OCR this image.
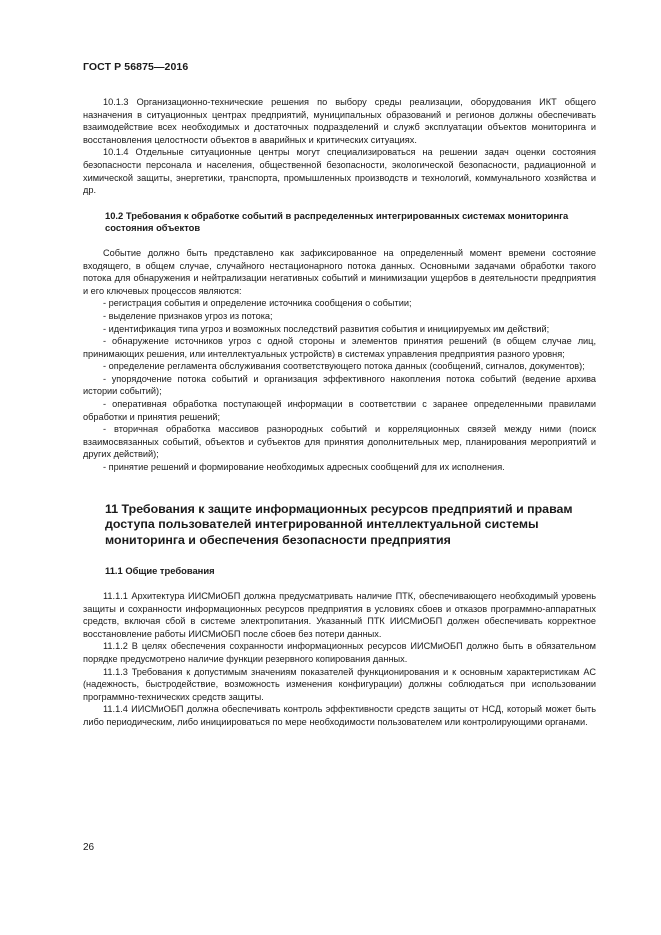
ГОСТ Р 56875—2016

10.1.3 Организационно-технические решения по выбору среды реализации, оборудования ИКТ общего назначения в ситуационных центрах предприятий, муниципальных образований и регионов должны обеспечивать взаимодействие всех необходимых и достаточных подразделений и служб эксплуатации объектов мониторинга и восстановления целостности объектов в аварийных и критических ситуациях.

10.1.4 Отдельные ситуационные центры могут специализироваться на решении задач оценки состояния безопасности персонала и населения, общественной безопасности, экологической безопасности, радиационной и химической защиты, энергетики, транспорта, промышленных производств и технологий, коммунального хозяйства и др.

10.2 Требования к обработке событий в распределенных интегрированных системах мониторинга состояния объектов

Событие должно быть представлено как зафиксированное на определенный момент времени состояние входящего, в общем случае, случайного нестационарного потока данных. Основными задачами обработки такого потока для обнаружения и нейтрализации негативных событий и минимизации ущербов в деятельности предприятия и его ключевых процессов являются:

- регистрация события и определение источника сообщения о событии;

- выделение признаков угроз из потока;

- идентификация типа угроз и возможных последствий развития события и инициируемых им действий;

- обнаружение источников угроз с одной стороны и элементов принятия решений (в общем случае лиц, принимающих решения, или интеллектуальных устройств) в системах управления предприятия разного уровня;

- определение регламента обслуживания соответствующего потока данных (сообщений, сигналов, документов);

- упорядочение потока событий и организация эффективного накопления потока событий (ведение архива истории событий);

- оперативная обработка поступающей информации в соответствии с заранее определенными правилами обработки и принятия решений;

- вторичная обработка массивов разнородных событий и корреляционных связей между ними (поиск взаимосвязанных событий, объектов и субъектов для принятия дополнительных мер, планирования мероприятий и других действий);

- принятие решений и формирование необходимых адресных сообщений для их исполнения.

11 Требования к защите информационных ресурсов предприятий и правам доступа пользователей интегрированной интеллектуальной системы мониторинга и обеспечения безопасности предприятия
11.1 Общие требования

11.1.1 Архитектура ИИСМиОБП должна предусматривать наличие ПТК, обеспечивающего необходимый уровень защиты и сохранности информационных ресурсов предприятия в условиях сбоев и отказов программно-аппаратных средств, включая сбой в системе электропитания. Указанный ПТК ИИСМиОБП должен обеспечивать корректное восстановление работы ИИСМиОБП после сбоев без потери данных.

11.1.2 В целях обеспечения сохранности информационных ресурсов ИИСМиОБП должно быть в обязательном порядке предусмотрено наличие функции резервного копирования данных.

11.1.3 Требования к допустимым значениям показателей функционирования и к основным характеристикам АС (надежность, быстродействие, возможность изменения конфигурации) должны соблюдаться при использовании программно-технических средств защиты.

11.1.4 ИИСМиОБП должна обеспечивать контроль эффективности средств защиты от НСД, который может быть либо периодическим, либо инициироваться по мере необходимости пользователем или контролирующими органами.

26
